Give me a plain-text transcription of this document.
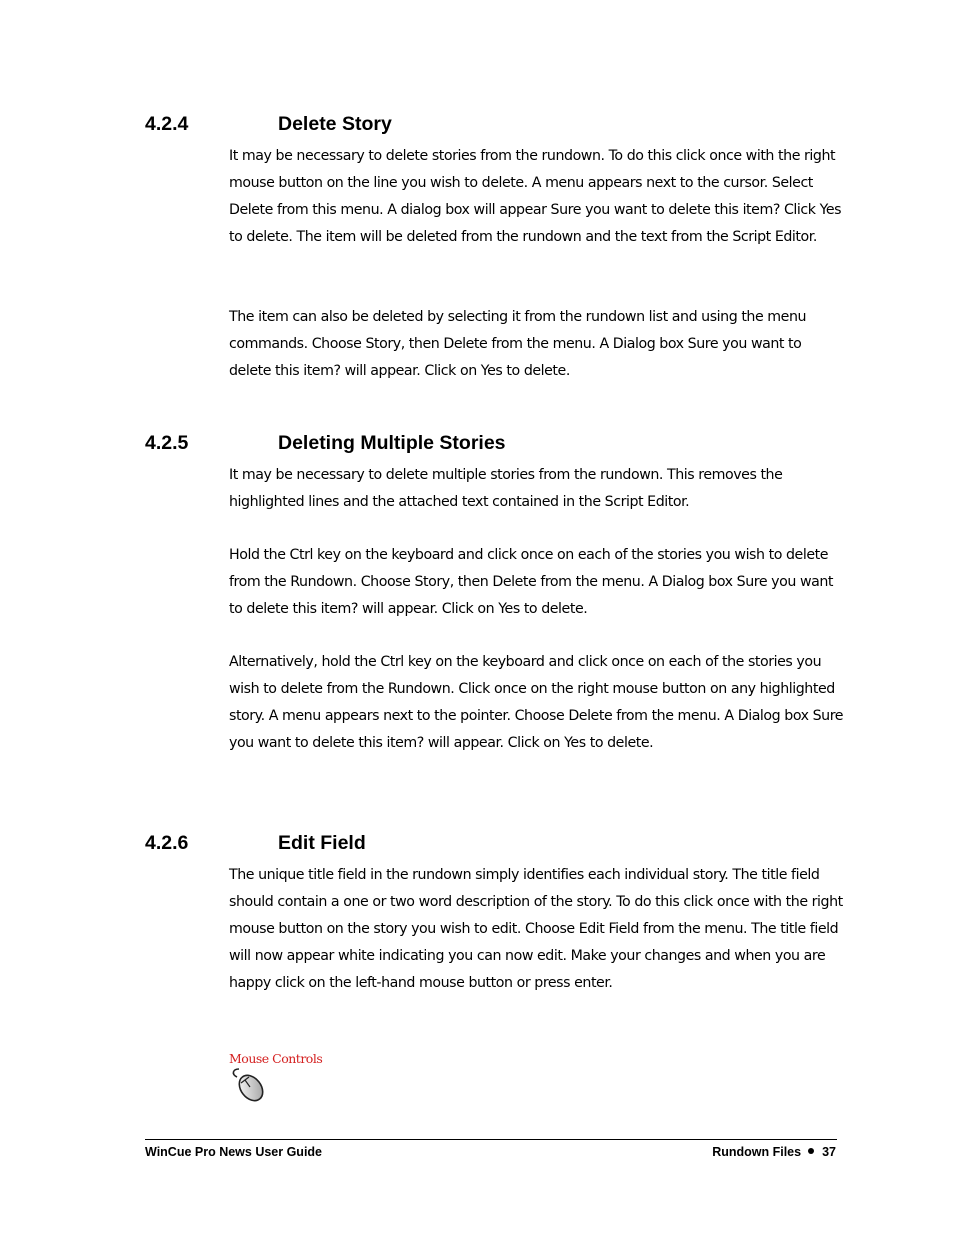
4.2.4	Delete Story

It may be necessary to delete stories from the rundown. To do this click once with the right mouse button on the line you wish to delete. A menu appears next to the cursor. Select Delete from this menu. A dialog box will appear Sure you want to delete this item? Click Yes to delete. The item will be deleted from the rundown and the text from the Script Editor.

The item can also be deleted by selecting it from the rundown list and using the menu commands. Choose Story, then Delete from the menu. A Dialog box Sure you want to delete this item? will appear. Click on Yes to delete.

4.2.5	Deleting Multiple Stories

It may be necessary to delete multiple stories from the rundown. This removes the highlighted lines and the attached text contained in the Script Editor.

Hold the Ctrl key on the keyboard and click once on each of the stories you wish to delete from the Rundown. Choose Story, then Delete from the menu. A Dialog box Sure you want to delete this item? will appear. Click on Yes to delete.

Alternatively, hold the Ctrl key on the keyboard and click once on each of the stories you wish to delete from the Rundown. Click once on the right mouse button on any highlighted story. A menu appears next to the pointer. Choose Delete from the menu. A Dialog box Sure you want to delete this item? will appear. Click on Yes to delete.

4.2.6	Edit Field

The unique title field in the rundown simply identifies each individual story. The title field should contain a one or two word description of the story. To do this click once with the right mouse button on the story you wish to edit. Choose Edit Field from the menu. The title field will now appear white indicating you can now edit. Make your changes and when you are happy click on the left-hand mouse button or press enter.

Mouse Controls
WinCue Pro News User Guide	Rundown Files 37
